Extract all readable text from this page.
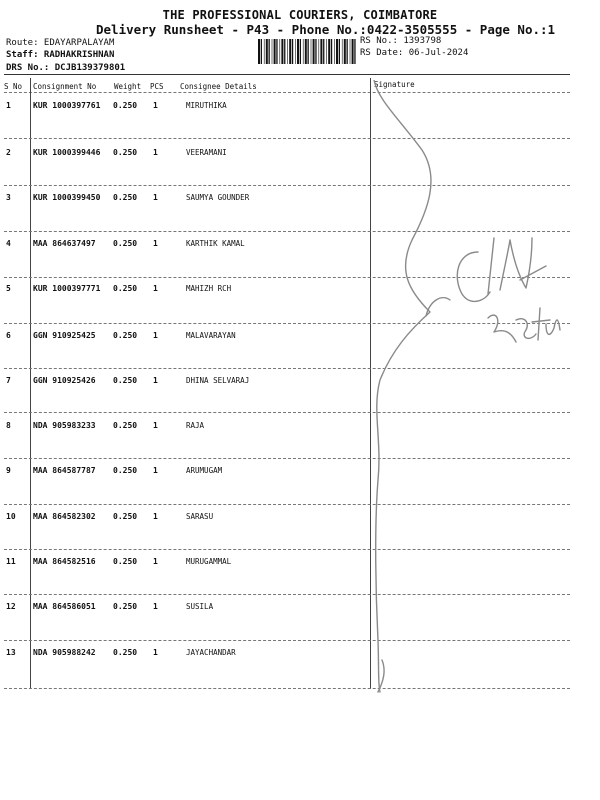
THE PROFESSIONAL COURIERS, COIMBATORE
Delivery Runsheet - P43 - Phone No.:0422-3505555 - Page No.:1
Route: EDAYARPALAYAM
Staff: RADHAKRISHNAN
DRS No.: DCJB139379801
RS No.: 1393798
RS Date: 06-Jul-2024
S No Consignment No Weight PCS Consignee Details	Signature
1	KUR 1000397761 0.250 1	MIRUTHIKA
2	KUR 1000399446 0.250 1	VEERAMANI
3	KUR 1000399450 0.250 1	SAUMYA GOUNDER
4	MAA 864637497 0.250 1	KARTHIK KAMAL
5	KUR 1000397771 0.250 1	MAHIZH RCH
6	GGN 910925425 0.250 1	MALAVARAYAN
7	GGN 910925426 0.250 1	DHINA SELVARAJ
8	NDA 905983233 0.250 1	RAJA
9	MAA 864587787 0.250 1	ARUMUGAM
10 MAA 864582302 0.250 1	SARASU
11 MAA 864582516 0.250 1	MURUGAMMAL
12 MAA 864586051 0.250 1	SUSILA
13 NDA 905988242 0.250 1	JAYACHANDAR
